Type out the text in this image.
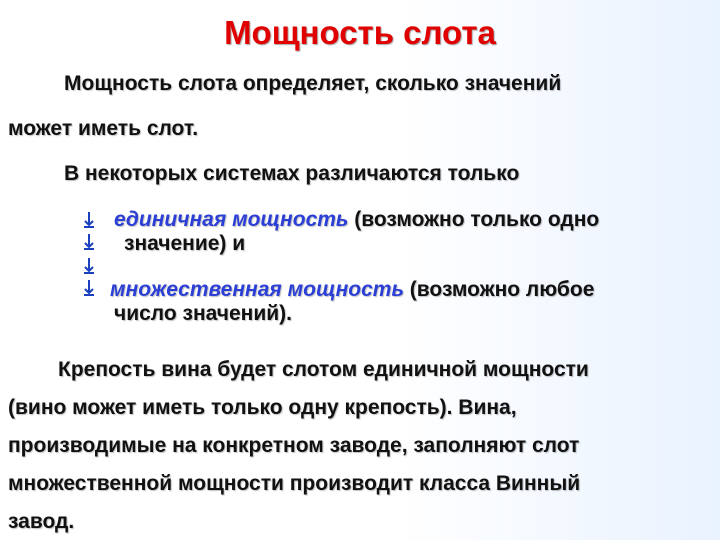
Мощность слота
Мощность слота определяет, сколько значений
может иметь слот.
В некоторых системах различаются только
единичная мощность (возможно только одно
значение) и
множественная мощность (возможно любое
число значений).
Крепость вина будет слотом единичной мощности
(вино может иметь только одну крепость). Вина,
производимые на конкретном заводе, заполняют слот
множественной мощности производит класса Винный
завод.
